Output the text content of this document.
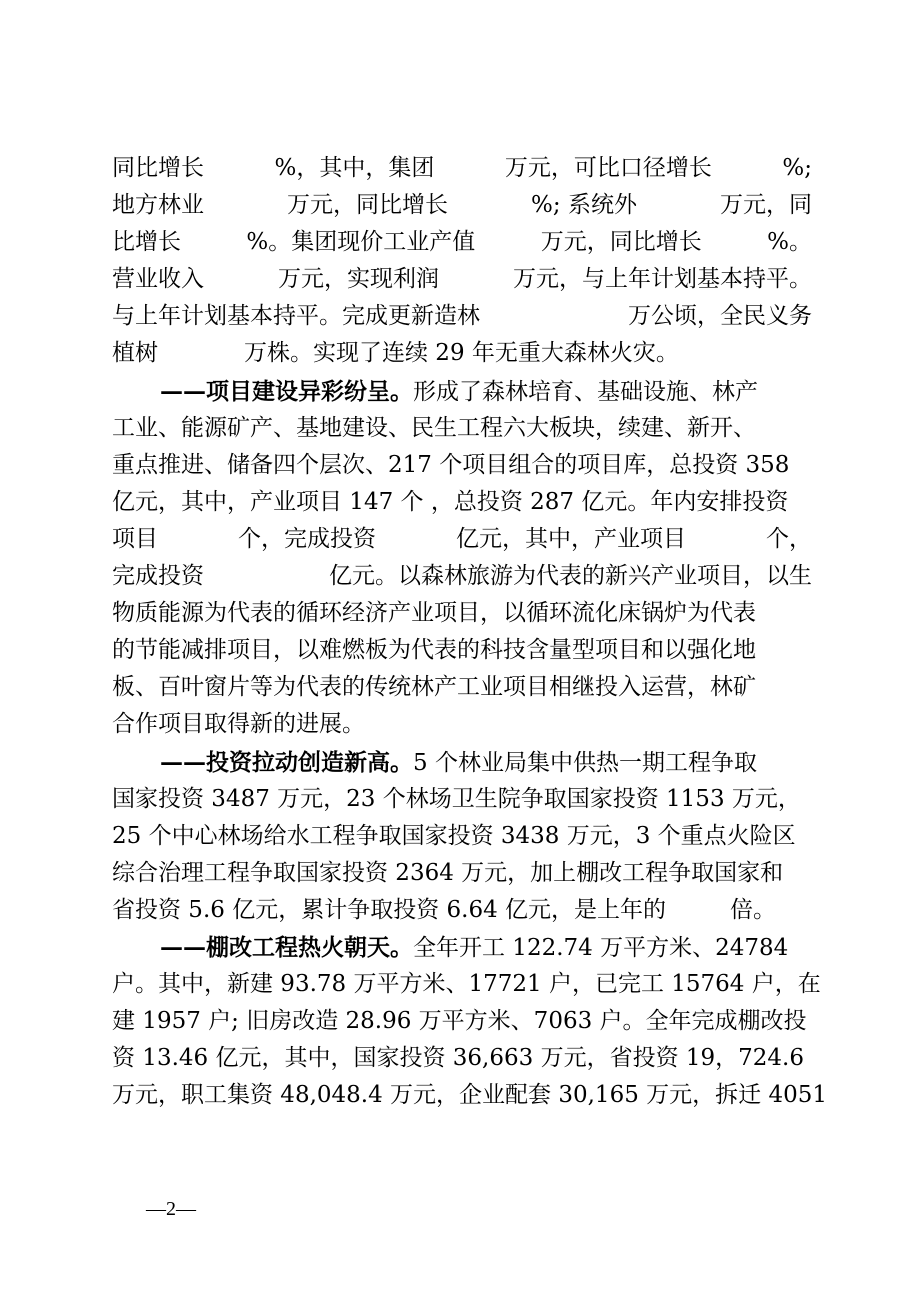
同比增长	%，其中，集团	万元，可比口径增长	%;
地方林业	万元，同比增长	%; 系统外	万元，同
比增长	%。集团现价工业产值	万元，同比增长	%。
营业收入	万元，实现利润	万元，与上年计划基本持平。
与上年计划基本持平。完成更新造林	万公顷，全民义务
植树	万株。实现了连续 29 年无重大森林火灾。
——项目建设异彩纷呈。 形成了森林培育、基础设施、林产
工业、能源矿产、基地建设、民生工程六大板块，续建、新开、
重点推进、储备四个层次、217 个项目组合的项目库，总投资 358
亿元，其中，产业项目 147 个 ，总投资 287 亿元。年内安排投资
项目	个，完成投资	亿元，其中，产业项目	个，
完成投资	亿元。以森林旅游为代表的新兴产业项目，以生
物质能源为代表的循环经济产业项目，以循环流化床锅炉为代表
的节能减排项目，以难燃板为代表的科技含量型项目和以强化地
板、百叶窗片等为代表的传统林产工业项目相继投入运营，林矿
合作项目取得新的进展。
——投资拉动创造新高。 5 个林业局集中供热一期工程争取
国家投资 3487 万元，23 个林场卫生院争取国家投资 1153 万元，
25 个中心林场给水工程争取国家投资 3438 万元，3 个重点火险区
综合治理工程争取国家投资 2364 万元，加上棚改工程争取国家和
省投资 5.6 亿元，累计争取投资 6.64 亿元，是上年的	倍。
——棚改工程热火朝天。 全年开工 122.74 万平方米、24784
户。其中，新建 93.78 万平方米、17721 户，已完工 15764 户，在
建 1957 户; 旧房改造 28.96 万平方米、7063 户。全年完成棚改投
资 13.46 亿元，其中，国家投资 36,663 万元，省投资 19，724.6
万元，职工集资 48,048.4 万元，企业配套 30,165 万元，拆迁 4051
—2—
